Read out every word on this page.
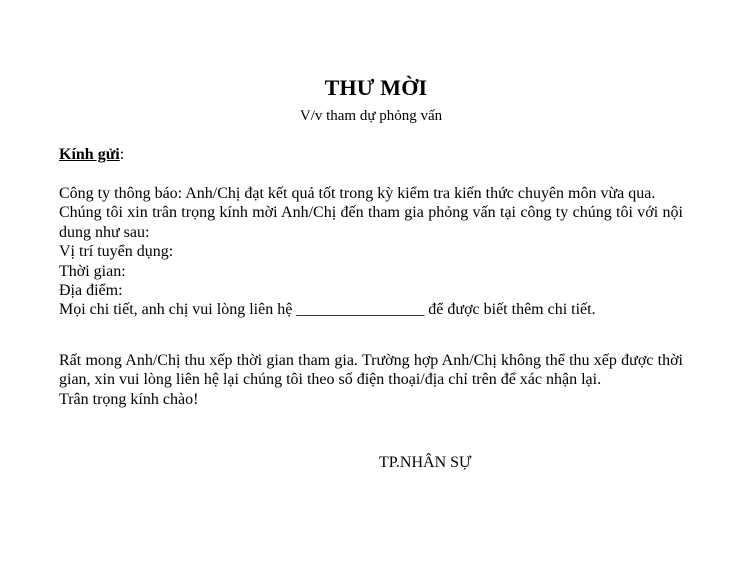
THƯ MỜI
V/v tham dự phỏng vấn
Kính gửi:

Công ty thông báo: Anh/Chị đạt kết quả tốt trong kỳ kiểm tra kiến thức chuyên môn vừa qua.

Chúng tôi xin trân trọng kính mời Anh/Chị đến tham gia phỏng vấn tại công ty chúng tôi với nội dung như sau:

Vị trí tuyển dụng:

Thời gian:

Địa điểm:

Mọi chi tiết, anh chị vui lòng liên hệ ________________ để được biết thêm chi tiết.

Rất mong Anh/Chị thu xếp thời gian tham gia. Trường hợp Anh/Chị không thể thu xếp được thời gian, xin vui lòng liên hệ lại chúng tôi theo số điện thoại/địa chỉ trên để xác nhận lại.

Trân trọng kính chào!

TP.NHÂN SỰ
